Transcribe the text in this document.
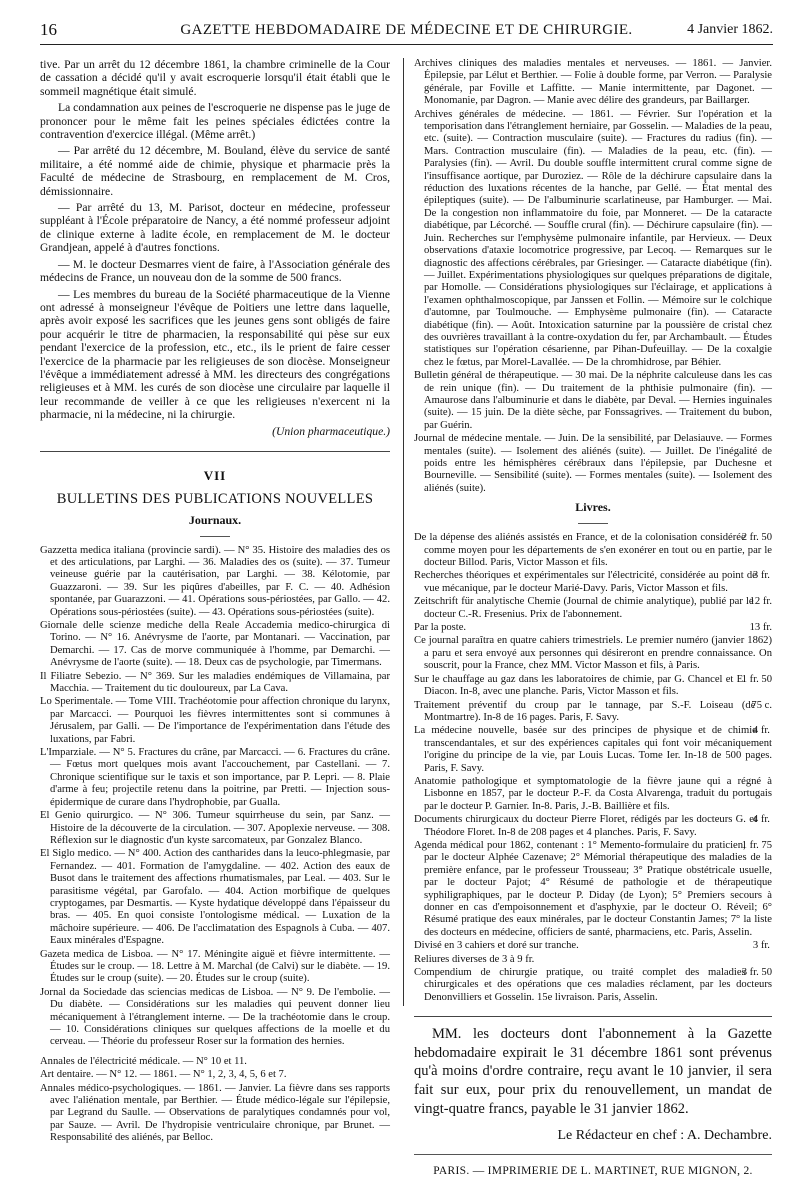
16	GAZETTE HEBDOMADAIRE DE MÉDECINE ET DE CHIRURGIE.	4 Janvier 1862.

tive. Par un arrêt du 12 décembre 1861, la chambre criminelle de la Cour de cassation a décidé qu'il y avait escroquerie lorsqu'il était établi que le sommeil magnétique était simulé.

La condamnation aux peines de l'escroquerie ne dispense pas le juge de prononcer pour le même fait les peines spéciales édictées contre la contravention d'exercice illégal. (Même arrêt.)

— Par arrêté du 12 décembre, M. Bouland, élève du service de santé militaire, a été nommé aide de chimie, physique et pharmacie près la Faculté de médecine de Strasbourg, en remplacement de M. Cros, démissionnaire.

— Par arrêté du 13, M. Parisot, docteur en médecine, professeur suppléant à l'École préparatoire de Nancy, a été nommé professeur adjoint de clinique externe à ladite école, en remplacement de M. le docteur Grandjean, appelé à d'autres fonctions.

— M. le docteur Desmarres vient de faire, à l'Association générale des médecins de France, un nouveau don de la somme de 500 francs.

— Les membres du bureau de la Société pharmaceutique de la Vienne ont adressé à monseigneur l'évêque de Poitiers une lettre dans laquelle, après avoir exposé les sacrifices que les jeunes gens sont obligés de faire pour acquérir le titre de pharmacien, la responsabilité qui pèse sur eux pendant l'exercice de la profession, etc., etc., ils le prient de faire cesser l'exercice de la pharmacie par les religieuses de son diocèse. Monseigneur l'évêque a immédiatement adressé à MM. les directeurs des congrégations religieuses et à MM. les curés de son diocèse une circulaire par laquelle il leur recommande de veiller à ce que les religieuses n'exercent ni la pharmacie, ni la médecine, ni la chirurgie.

(Union pharmaceutique.)
VII
BULLETINS DES PUBLICATIONS NOUVELLES
Journaux.

Gazzetta medica italiana (provincie sardi). — N° 35. Histoire des maladies des os et des articulations, par Larghi. — 36. Maladies des os (suite). — 37. Tumeur veineuse guérie par la cautérisation, par Larghi. — 38. Kélotomie, par Guazzaroni. — 39. Sur les piqûres d'abeilles, par F. C. — 40. Adhésion spontanée, par Guarazzoni. — 41. Opérations sous-périostées, par Gallo. — 42. Opérations sous-périostées (suite). — 43. Opérations sous-périostées (suite).

Giornale delle scienze mediche della Reale Accademia medico-chirurgica di Torino. — N° 16. Anévrysme de l'aorte, par Montanari. — Vaccination, par Demarchi. — 17. Cas de morve communiquée à l'homme, par Demarchi. — Anévrysme de l'aorte (suite). — 18. Deux cas de psychologie, par Timermans.

Il Filiatre Sebezio. — N° 369. Sur les maladies endémiques de Villamaina, par Macchia. — Traitement du tic douloureux, par La Cava.

Lo Sperimentale. — Tome VIII. Trachéotomie pour affection chronique du larynx, par Marcacci. — Pourquoi les fièvres intermittentes sont si communes à Jérusalem, par Galli. — De l'importance de l'expérimentation dans l'étude des luxations, par Fabri.

L'Imparziale. — N° 5. Fractures du crâne, par Marcacci. — 6. Fractures du crâne. — Fœtus mort quelques mois avant l'accouchement, par Castellani. — 7. Chronique scientifique sur le taxis et son importance, par P. Lepri. — 8. Plaie d'arme à feu; projectile retenu dans la poitrine, par Pretti. — Injection sous-épidermique de curare dans l'hydrophobie, par Gualla.

El Genio quirurgico. — N° 306. Tumeur squirrheuse du sein, par Sanz. — Histoire de la découverte de la circulation. — 307. Apoplexie nerveuse. — 308. Réflexion sur le diagnostic d'un kyste sarcomateux, par Gonzalez Blanco.

El Siglo medico. — N° 400. Action des cantharides dans la leuco-phlegmasie, par Fernandez. — 401. Formation de l'amygdaline. — 402. Action des eaux de Busot dans le traitement des affections rhumatismales, par Leal. — 403. Sur le parasitisme végétal, par Garofalo. — 404. Action morbifique de quelques cryptogames, par Desmartis. — Kyste hydatique développé dans l'épaisseur du bras. — 405. En quoi consiste l'ontologisme médical. — Luxation de la mâchoire supérieure. — 406. De l'acclimatation des Espagnols à Cuba. — 407. Eaux minérales d'Espagne.

Gazeta medica de Lisboa. — N° 17. Méningite aiguë et fièvre intermittente. — Études sur le croup. — 18. Lettre à M. Marchal (de Calvi) sur le diabète. — 19. Études sur le croup (suite). — 20. Études sur le croup (suite).

Jornal da Sociedade das sciencias medicas de Lisboa. — N° 9. De l'embolie. — Du diabète. — Considérations sur les maladies qui peuvent donner lieu mécaniquement à l'étranglement interne. — De la trachéotomie dans le croup. — 10. Considérations cliniques sur quelques affections de la moelle et du cerveau. — Théorie du professeur Roser sur la formation des hernies.

Annales de l'électricité médicale. — N° 10 et 11.

Art dentaire. — N° 12. — 1861. — N° 1, 2, 3, 4, 5, 6 et 7.

Annales médico-psychologiques. — 1861. — Janvier. La fièvre dans ses rapports avec l'aliénation mentale, par Berthier. — Étude médico-légale sur l'épilepsie, par Legrand du Saulle. — Observations de paralytiques condamnés pour vol, par Sauze. — Avril. De l'hydropisie ventriculaire chronique, par Brunet. — Responsabilité des aliénés, par Belloc.

Archives cliniques des maladies mentales et nerveuses. — 1861. — Janvier. Épilepsie, par Lélut et Berthier. — Folie à double forme, par Verron. — Paralysie générale, par Foville et Laffitte. — Manie intermittente, par Dagonet. — Monomanie, par Dagron. — Manie avec délire des grandeurs, par Baillarger.

Archives générales de médecine. — 1861. — Février. Sur l'opération et la temporisation dans l'étranglement herniaire, par Gosselin. — Maladies de la peau, etc. (suite). — Contraction musculaire (suite). — Fractures du radius (fin). — Mars. Contraction musculaire (fin). — Maladies de la peau, etc. (fin). — Paralysies (fin). — Avril. Du double souffle intermittent crural comme signe de l'insuffisance aortique, par Duroziez. — Rôle de la déchirure capsulaire dans la réduction des luxations récentes de la hanche, par Gellé. — État mental des épileptiques (suite). — De l'albuminurie scarlatineuse, par Hamburger. — Mai. De la congestion non inflammatoire du foie, par Monneret. — De la cataracte diabétique, par Lécorché. — Souffle crural (fin). — Déchirure capsulaire (fin). — Juin. Recherches sur l'emphysème pulmonaire infantile, par Hervieux. — Deux observations d'ataxie locomotrice progressive, par Lecoq. — Remarques sur le diagnostic des affections cérébrales, par Griesinger. — Cataracte diabétique (fin). — Juillet. Expérimentations physiologiques sur quelques préparations de digitale, par Homolle. — Considérations physiologiques sur l'éclairage, et applications à l'examen ophthalmoscopique, par Janssen et Follin. — Mémoire sur le colchique d'automne, par Toulmouche. — Emphysème pulmonaire (fin). — Cataracte diabétique (fin). — Août. Intoxication saturnine par la poussière de cristal chez des ouvrières travaillant à la contre-oxydation du fer, par Archambault. — Études statistiques sur l'opération césarienne, par Pihan-Dufeuillay. — De la coxalgie chez le fœtus, par Morel-Lavallée. — De la chromhidrose, par Béhier.

Bulletin général de thérapeutique. — 30 mai. De la néphrite calculeuse dans les cas de rein unique (fin). — Du traitement de la phthisie pulmonaire (fin). — Amaurose dans l'albuminurie et dans le diabète, par Deval. — Hernies inguinales (suite). — 15 juin. De la diète sèche, par Fonssagrives. — Traitement du bubon, par Guérin.

Journal de médecine mentale. — Juin. De la sensibilité, par Delasiauve. — Formes mentales (suite). — Isolement des aliénés (suite). — Juillet. De l'inégalité de poids entre les hémisphères cérébraux dans l'épilepsie, par Duchesne et Bourneville. — Sensibilité (suite). — Formes mentales (suite). — Isolement des aliénés (suite).

Livres.

2 fr. 50
De la dépense des aliénés assistés en France, et de la colonisation considérée comme moyen pour les départements de s'en exonérer en tout ou en partie, par le docteur Billod. Paris, Victor Masson et fils.

3 fr.
Recherches théoriques et expérimentales sur l'électricité, considérée au point de vue mécanique, par le docteur Marié-Davy. Paris, Victor Masson et fils.

12 fr.
Zeitschrift für analytische Chemie (Journal de chimie analytique), publié par le docteur C.-R. Fresenius. Prix de l'abonnement.

13 fr.
Par la poste.

Ce journal paraîtra en quatre cahiers trimestriels. Le premier numéro (janvier 1862) a paru et sera envoyé aux personnes qui désireront en prendre connaissance. On souscrit, pour la France, chez MM. Victor Masson et fils, à Paris.

1 fr. 50
Sur le chauffage au gaz dans les laboratoires de chimie, par G. Chancel et E. Diacon. In-8, avec une planche. Paris, Victor Masson et fils.

75 c.
Traitement préventif du croup par le tannage, par S.-F. Loiseau (de Montmartre). In-8 de 16 pages. Paris, F. Savy.

4 fr.
La médecine nouvelle, basée sur des principes de physique et de chimie transcendantales, et sur des expériences capitales qui font voir mécaniquement l'origine du principe de la vie, par Louis Lucas. Tome Ier. In-18 de 500 pages. Paris, F. Savy.

Anatomie pathologique et symptomatologie de la fièvre jaune qui a régné à Lisbonne en 1857, par le docteur P.-F. da Costa Alvarenga, traduit du portugais par le docteur P. Garnier. In-8. Paris, J.-B. Baillière et fils.

4 fr.
Documents chirurgicaux du docteur Pierre Floret, rédigés par les docteurs G. et Théodore Floret. In-8 de 208 pages et 4 planches. Paris, F. Savy.

1 fr. 75
Agenda médical pour 1862, contenant : 1° Memento-formulaire du praticien, par le docteur Alphée Cazenave; 2° Mémorial thérapeutique des maladies de la première enfance, par le professeur Trousseau; 3° Pratique obstétricale usuelle, par le docteur Pajot; 4° Résumé de pathologie et de thérapeutique syphiligraphiques, par le docteur P. Diday (de Lyon); 5° Premiers secours à donner en cas d'empoisonnement et d'asphyxie, par le docteur O. Réveil; 6° Résumé pratique des eaux minérales, par le docteur Constantin James; 7° la liste des docteurs en médecine, officiers de santé, pharmaciens, etc. Paris, Asselin.

3 fr.
Divisé en 3 cahiers et doré sur tranche.

Reliures diverses de 3 à 9 fr.

3 fr. 50
Compendium de chirurgie pratique, ou traité complet des maladies chirurgicales et des opérations que ces maladies réclament, par les docteurs Denonvilliers et Gosselin. 15e livraison. Paris, Asselin.

MM. les docteurs dont l'abonnement à la Gazette hebdomadaire expirait le 31 décembre 1861 sont prévenus qu'à moins d'ordre contraire, reçu avant le 10 janvier, il sera fait sur eux, pour prix du renouvellement, un mandat de vingt-quatre francs, payable le 31 janvier 1862.

Le Rédacteur en chef : A. Dechambre.
PARIS. — IMPRIMERIE DE L. MARTINET, RUE MIGNON, 2.
